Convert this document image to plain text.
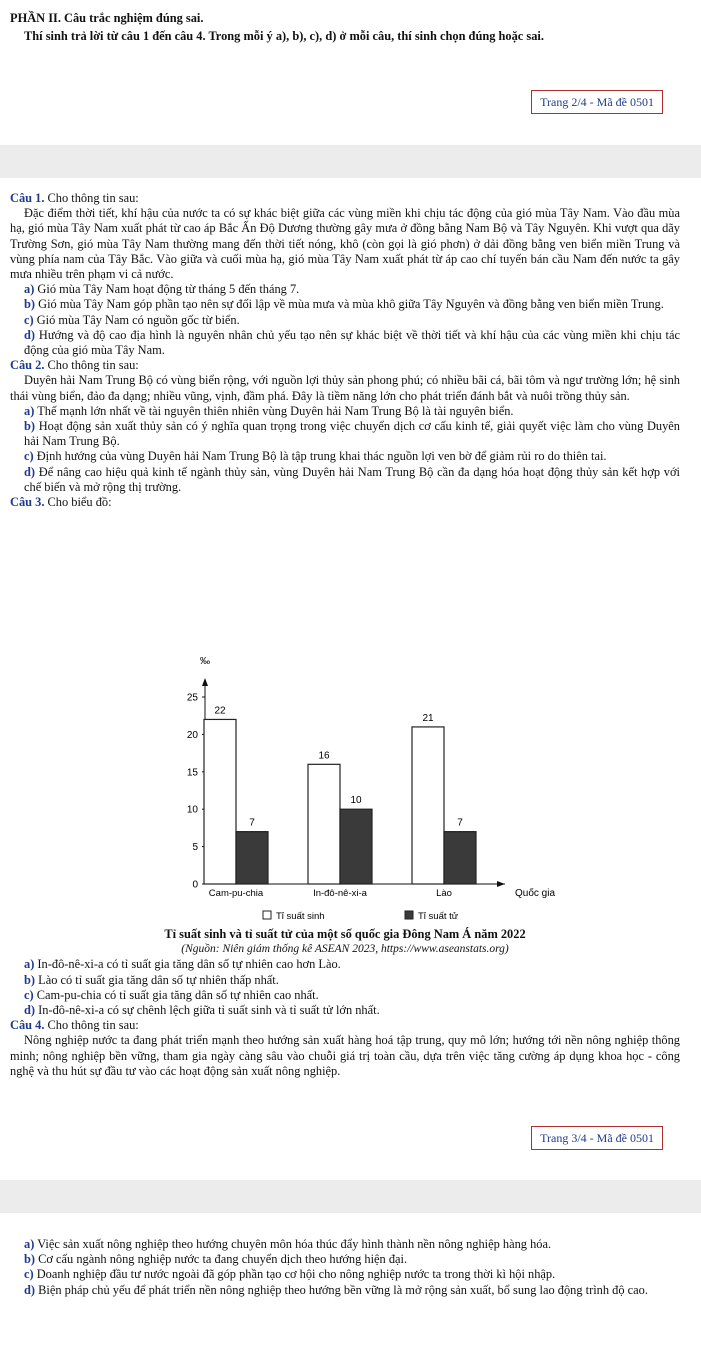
PHẦN II. Câu trắc nghiệm đúng sai.
Thí sinh trả lời từ câu 1 đến câu 4. Trong mỗi ý a), b), c), d) ở mỗi câu, thí sinh chọn đúng hoặc sai.
Trang 2/4 - Mã đề 0501

Câu 1. Cho thông tin sau:

Đặc điểm thời tiết, khí hậu của nước ta có sự khác biệt giữa các vùng miền khi chịu tác động của gió mùa Tây Nam. Vào đầu mùa hạ, gió mùa Tây Nam xuất phát từ cao áp Bắc Ấn Độ Dương thường gây mưa ở đồng bằng Nam Bộ và Tây Nguyên. Khi vượt qua dãy Trường Sơn, gió mùa Tây Nam thường mang đến thời tiết nóng, khô (còn gọi là gió phơn) ở dải đồng bằng ven biển miền Trung và vùng phía nam của Tây Bắc. Vào giữa và cuối mùa hạ, gió mùa Tây Nam xuất phát từ áp cao chí tuyến bán cầu Nam đến nước ta gây mưa nhiều trên phạm vi cả nước.

a) Gió mùa Tây Nam hoạt động từ tháng 5 đến tháng 7.

b) Gió mùa Tây Nam góp phần tạo nên sự đối lập về mùa mưa và mùa khô giữa Tây Nguyên và đồng bằng ven biển miền Trung.

c) Gió mùa Tây Nam có nguồn gốc từ biển.

d) Hướng và độ cao địa hình là nguyên nhân chủ yếu tạo nên sự khác biệt về thời tiết và khí hậu của các vùng miền khi chịu tác động của gió mùa Tây Nam.

Câu 2. Cho thông tin sau:

Duyên hải Nam Trung Bộ có vùng biển rộng, với nguồn lợi thủy sản phong phú; có nhiều bãi cá, bãi tôm và ngư trường lớn; hệ sinh thái vùng biển, đảo đa dạng; nhiều vũng, vịnh, đầm phá. Đây là tiềm năng lớn cho phát triển đánh bắt và nuôi trồng thủy sản.

a) Thế mạnh lớn nhất về tài nguyên thiên nhiên vùng Duyên hải Nam Trung Bộ là tài nguyên biển.

b) Hoạt động sản xuất thủy sản có ý nghĩa quan trọng trong việc chuyển dịch cơ cấu kinh tế, giải quyết việc làm cho vùng Duyên hải Nam Trung Bộ.

c) Định hướng của vùng Duyên hải Nam Trung Bộ là tập trung khai thác nguồn lợi ven bờ để giảm rủi ro do thiên tai.

d) Để nâng cao hiệu quả kinh tế ngành thủy sản, vùng Duyên hải Nam Trung Bộ cần đa dạng hóa hoạt động thủy sản kết hợp với chế biến và mở rộng thị trường.

Câu 3. Cho biểu đồ:

‰
0
5
10
15
20
25
22
7
Cam-pu-chia
16
10
In-đô-nê-xi-a
21
7
Lào	Quốc gia
Tỉ suất sinh	Tỉ suất tử

Tỉ suất sinh và tỉ suất tử của một số quốc gia Đông Nam Á năm 2022

(Nguồn: Niên giám thống kê ASEAN 2023, https://www.aseanstats.org)

a) In-đô-nê-xi-a có tỉ suất gia tăng dân số tự nhiên cao hơn Lào.

b) Lào có tỉ suất gia tăng dân số tự nhiên thấp nhất.

c) Cam-pu-chia có tỉ suất gia tăng dân số tự nhiên cao nhất.

d) In-đô-nê-xi-a có sự chênh lệch giữa tỉ suất sinh và tỉ suất tử lớn nhất.

Câu 4. Cho thông tin sau:

Nông nghiệp nước ta đang phát triển mạnh theo hướng sản xuất hàng hoá tập trung, quy mô lớn; hướng tới nền nông nghiệp thông minh; nông nghiệp bền vững, tham gia ngày càng sâu vào chuỗi giá trị toàn cầu, dựa trên việc tăng cường áp dụng khoa học - công nghệ và thu hút sự đầu tư vào các hoạt động sản xuất nông nghiệp.

Trang 3/4 - Mã đề 0501

a) Việc sản xuất nông nghiệp theo hướng chuyên môn hóa thúc đẩy hình thành nền nông nghiệp hàng hóa.

b) Cơ cấu ngành nông nghiệp nước ta đang chuyển dịch theo hướng hiện đại.

c) Doanh nghiệp đầu tư nước ngoài đã góp phần tạo cơ hội cho nông nghiệp nước ta trong thời kì hội nhập.

d) Biện pháp chủ yếu để phát triển nền nông nghiệp theo hướng bền vững là mở rộng sản xuất, bổ sung lao động trình độ cao.
